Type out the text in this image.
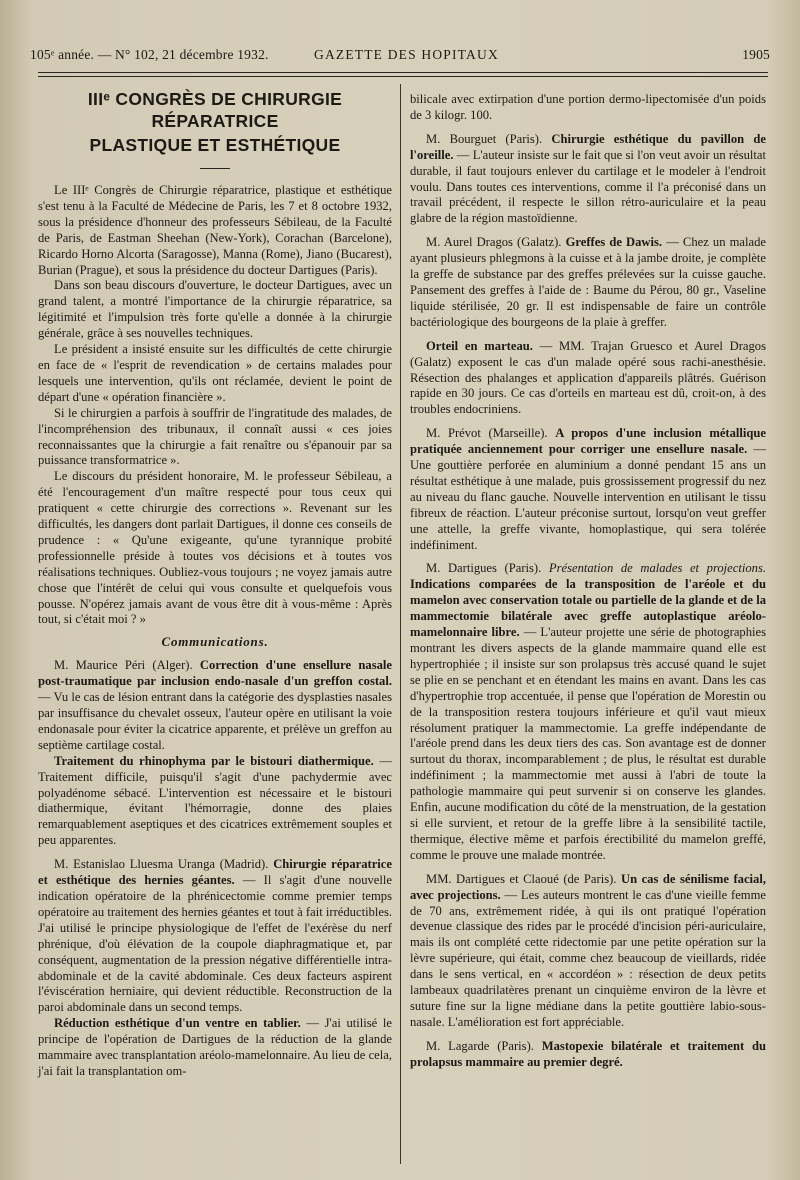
105ᵉ année. — N° 102, 21 décembre 1932.	GAZETTE DES HOPITAUX	1905
IIIᵉ CONGRÈS DE CHIRURGIE RÉPARATRICE
PLASTIQUE ET ESTHÉTIQUE

Le IIIᵉ Congrès de Chirurgie réparatrice, plastique et esthétique s'est tenu à la Faculté de Médecine de Paris, les 7 et 8 octobre 1932, sous la présidence d'honneur des professeurs Sébileau, de la Faculté de Paris, de Eastman Sheehan (New-York), Corachan (Barcelone), Ricardo Horno Alcorta (Saragosse), Manna (Rome), Jiano (Bucarest), Burian (Prague), et sous la présidence du docteur Dartigues (Paris).

Dans son beau discours d'ouverture, le docteur Dartigues, avec un grand talent, a montré l'importance de la chirurgie réparatrice, sa légitimité et l'impulsion très forte qu'elle a donnée à la chirurgie générale, grâce à ses nouvelles techniques.

Le président a insisté ensuite sur les difficultés de cette chirurgie en face de « l'esprit de revendication » de certains malades pour lesquels une intervention, qu'ils ont réclamée, devient le point de départ d'une « opération financière ».

Si le chirurgien a parfois à souffrir de l'ingratitude des malades, de l'incompréhension des tribunaux, il connaît aussi « ces joies reconnaissantes que la chirurgie a fait renaître ou s'épanouir par sa puissance transformatrice ».

Le discours du président honoraire, M. le professeur Sébileau, a été l'encouragement d'un maître respecté pour tous ceux qui pratiquent « cette chirurgie des corrections ». Revenant sur les difficultés, les dangers dont parlait Dartigues, il donne ces conseils de prudence : « Qu'une exigeante, qu'une tyrannique probité professionnelle préside à toutes vos décisions et à toutes vos réalisations techniques. Oubliez-vous toujours ; ne voyez jamais autre chose que l'intérêt de celui qui vous consulte et quelquefois vous pousse. N'opérez jamais avant de vous être dit à vous-même : Après tout, si c'était moi ? »

Communications.

M. Maurice Péri (Alger). Correction d'une ensellure nasale post-traumatique par inclusion endo-nasale d'un greffon costal. — Vu le cas de lésion entrant dans la catégorie des dysplasties nasales par insuffisance du chevalet osseux, l'auteur opère en utilisant la voie endonasale pour éviter la cicatrice apparente, et prélève un greffon au septième cartilage costal.

Traitement du rhinophyma par le bistouri diathermique. — Traitement difficile, puisqu'il s'agit d'une pachydermie avec polyadénome sébacé. L'intervention est nécessaire et le bistouri diathermique, évitant l'hémorragie, donne des plaies remarquablement aseptiques et des cicatrices extrêmement souples et peu apparentes.

M. Estanislao Lluesma Uranga (Madrid). Chirurgie réparatrice et esthétique des hernies géantes. — Il s'agit d'une nouvelle indication opératoire de la phrénicectomie comme premier temps opératoire au traitement des hernies géantes et tout à fait irréductibles. J'ai utilisé le principe physiologique de l'effet de l'exérèse du nerf phrénique, d'où élévation de la coupole diaphragmatique et, par conséquent, augmentation de la pression négative différentielle intra-abdominale et de la cavité abdominale. Ces deux facteurs aspirent l'éviscération herniaire, qui devient réductible. Reconstruction de la paroi abdominale dans un second temps.

Réduction esthétique d'un ventre en tablier. — J'ai utilisé le principe de l'opération de Dartigues de la réduction de la glande mammaire avec transplantation aréolo-mamelonnaire. Au lieu de cela, j'ai fait la transplantation om-

bilicale avec extirpation d'une portion dermo-lipectomisée d'un poids de 3 kilogr. 100.

M. Bourguet (Paris). Chirurgie esthétique du pavillon de l'oreille. — L'auteur insiste sur le fait que si l'on veut avoir un résultat durable, il faut toujours enlever du cartilage et le modeler à l'endroit voulu. Dans toutes ces interventions, comme il l'a préconisé dans un travail précédent, il respecte le sillon rétro-auriculaire et la peau glabre de la région mastoïdienne.

M. Aurel Dragos (Galatz). Greffes de Dawis. — Chez un malade ayant plusieurs phlegmons à la cuisse et à la jambe droite, je complète la greffe de substance par des greffes prélevées sur la cuisse gauche. Pansement des greffes à l'aide de : Baume du Pérou, 80 gr., Vaseline liquide stérilisée, 20 gr. Il est indispensable de faire un contrôle bactériologique des bourgeons de la plaie à greffer.

Orteil en marteau. — MM. Trajan Gruesco et Aurel Dragos (Galatz) exposent le cas d'un malade opéré sous rachi-anesthésie. Résection des phalanges et application d'appareils plâtrés. Guérison rapide en 30 jours. Ce cas d'orteils en marteau est dû, croit-on, à des troubles endocriniens.

M. Prévot (Marseille). A propos d'une inclusion métallique pratiquée anciennement pour corriger une ensellure nasale. — Une gouttière perforée en aluminium a donné pendant 15 ans un résultat esthétique à une malade, puis grossissement progressif du nez au niveau du flanc gauche. Nouvelle intervention en utilisant le tissu fibreux de réaction. L'auteur préconise surtout, lorsqu'on veut greffer une attelle, la greffe vivante, homoplastique, qui sera tolérée indéfiniment.

M. Dartigues (Paris). Présentation de malades et projections. Indications comparées de la transposition de l'aréole et du mamelon avec conservation totale ou partielle de la glande et de la mammectomie bilatérale avec greffe autoplastique aréolo-mamelonnaire libre. — L'auteur projette une série de photographies montrant les divers aspects de la glande mammaire quand elle est hypertrophiée ; il insiste sur son prolapsus très accusé quand le sujet se plie en se penchant et en étendant les mains en avant. Dans les cas d'hypertrophie trop accentuée, il pense que l'opération de Morestin ou de la transposition restera toujours inférieure et qu'il vaut mieux résolument pratiquer la mammectomie. La greffe indépendante de l'aréole prend dans les deux tiers des cas. Son avantage est de donner surtout du thorax, incomparablement ; de plus, le résultat est durable indéfiniment ; la mammectomie met aussi à l'abri de toute la pathologie mammaire qui peut survenir si on conserve les glandes. Enfin, aucune modification du côté de la menstruation, de la gestation si elle survient, et retour de la greffe libre à la sensibilité tactile, thermique, élective même et parfois érectibilité du mamelon greffé, comme le prouve une malade montrée.

MM. Dartigues et Claoué (de Paris). Un cas de sénilisme facial, avec projections. — Les auteurs montrent le cas d'une vieille femme de 70 ans, extrêmement ridée, à qui ils ont pratiqué l'opération devenue classique des rides par le procédé d'incision péri-auriculaire, mais ils ont complété cette ridectomie par une petite opération sur la lèvre supérieure, qui était, comme chez beaucoup de vieillards, ridée dans le sens vertical, en « accordéon » : résection de deux petits lambeaux quadrilatères prenant un cinquième environ de la lèvre et suture fine sur la ligne médiane dans la petite gouttière labio-sous-nasale. L'amélioration est fort appréciable.

M. Lagarde (Paris). Mastopexie bilatérale et traitement du prolapsus mammaire au premier degré.
